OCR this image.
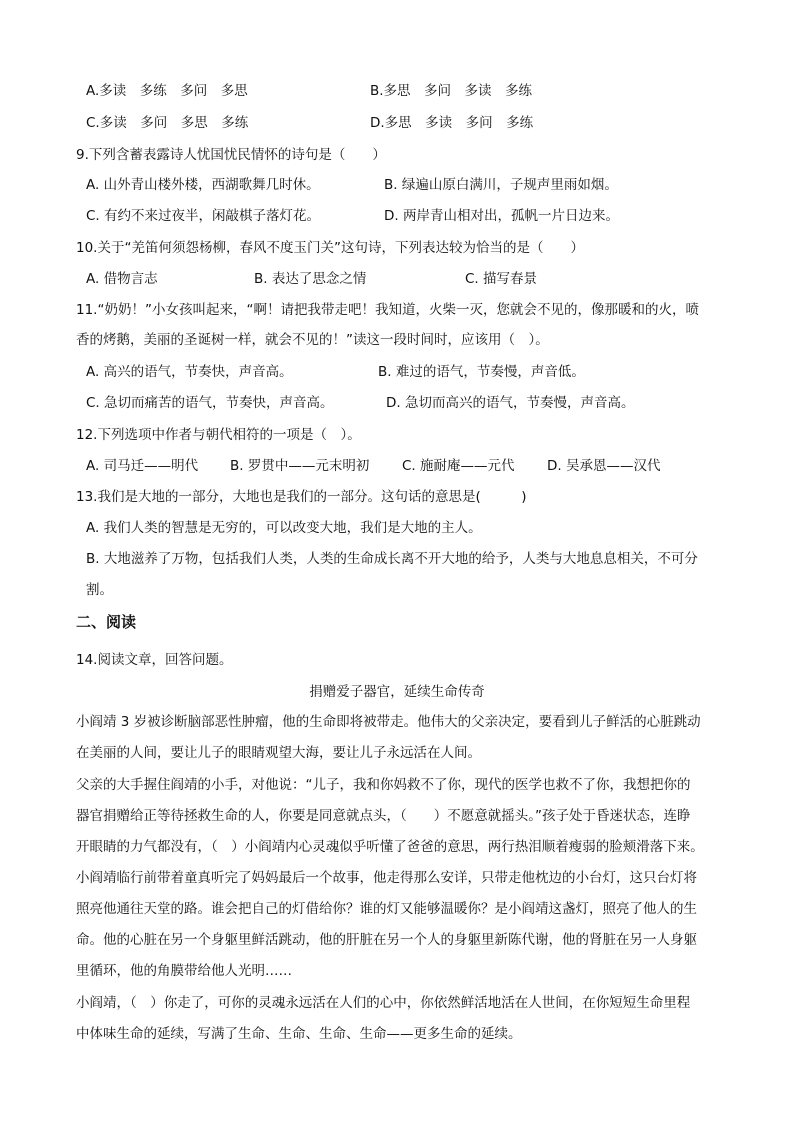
A.多读　多练　多问　多思	B.多思　多问　多读　多练
C.多读　多问　多思　多练	D.多思　多读　多问　多练
9.下列含蓄表露诗人忧国忧民情怀的诗句是（　　）
A. 山外青山楼外楼，西湖歌舞几时休。	B. 绿遍山原白满川，子规声里雨如烟。
C. 有约不来过夜半，闲敲棋子落灯花。	D. 两岸青山相对出，孤帆一片日边来。
10.关于“羌笛何须怨杨柳，春风不度玉门关”这句诗，下列表达较为恰当的是（　　）
A. 借物言志	B. 表达了思念之情	C. 描写春景
11.“奶奶！”小女孩叫起来，“啊！请把我带走吧！我知道，火柴一灭，您就会不见的，像那暖和的火，喷
香的烤鹅，美丽的圣诞树一样，就会不见的！”读这一段时间时，应该用（　）。
A. 高兴的语气，节奏快，声音高。	B. 难过的语气，节奏慢，声音低。
C. 急切而痛苦的语气，节奏快，声音高。	D. 急切而高兴的语气，节奏慢，声音高。
12.下列选项中作者与朝代相符的一项是（　）。
A. 司马迁——明代 B. 罗贯中——元末明初 C. 施耐庵——元代 D. 吴承恩——汉代
13.我们是大地的一部分，大地也是我们的一部分。这句话的意思是(　　　)
A. 我们人类的智慧是无穷的，可以改变大地，我们是大地的主人。
B. 大地滋养了万物，包括我们人类，人类的生命成长离不开大地的给予，人类与大地息息相关，不可分
割。
二、阅读
14.阅读文章，回答问题。
捐赠爱子器官，延续生命传奇
小阎靖 3 岁被诊断脑部恶性肿瘤，他的生命即将被带走。他伟大的父亲决定，要看到儿子鲜活的心脏跳动
在美丽的人间，要让儿子的眼睛观望大海，要让儿子永远活在人间。
父亲的大手握住阎靖的小手，对他说：“儿子，我和你妈救不了你，现代的医学也救不了你，我想把你的
器官捐赠给正等待拯救生命的人，你要是同意就点头，（　　）不愿意就摇头。”孩子处于昏迷状态，连睁
开眼睛的力气都没有，（　）小阎靖内心灵魂似乎听懂了爸爸的意思，两行热泪顺着瘦弱的脸颊滑落下来。
小阎靖临行前带着童真听完了妈妈最后一个故事，他走得那么安详，只带走他枕边的小台灯，这只台灯将
照亮他通往天堂的路。谁会把自己的灯借给你？谁的灯又能够温暖你？是小阎靖这盏灯，照亮了他人的生
命。他的心脏在另一个身躯里鲜活跳动，他的肝脏在另一个人的身躯里新陈代谢，他的肾脏在另一人身躯
里循环，他的角膜带给他人光明……
小阎靖，（　）你走了，可你的灵魂永远活在人们的心中，你依然鲜活地活在人世间，在你短短生命里程
中体味生命的延续，写满了生命、生命、生命、生命——更多生命的延续。
